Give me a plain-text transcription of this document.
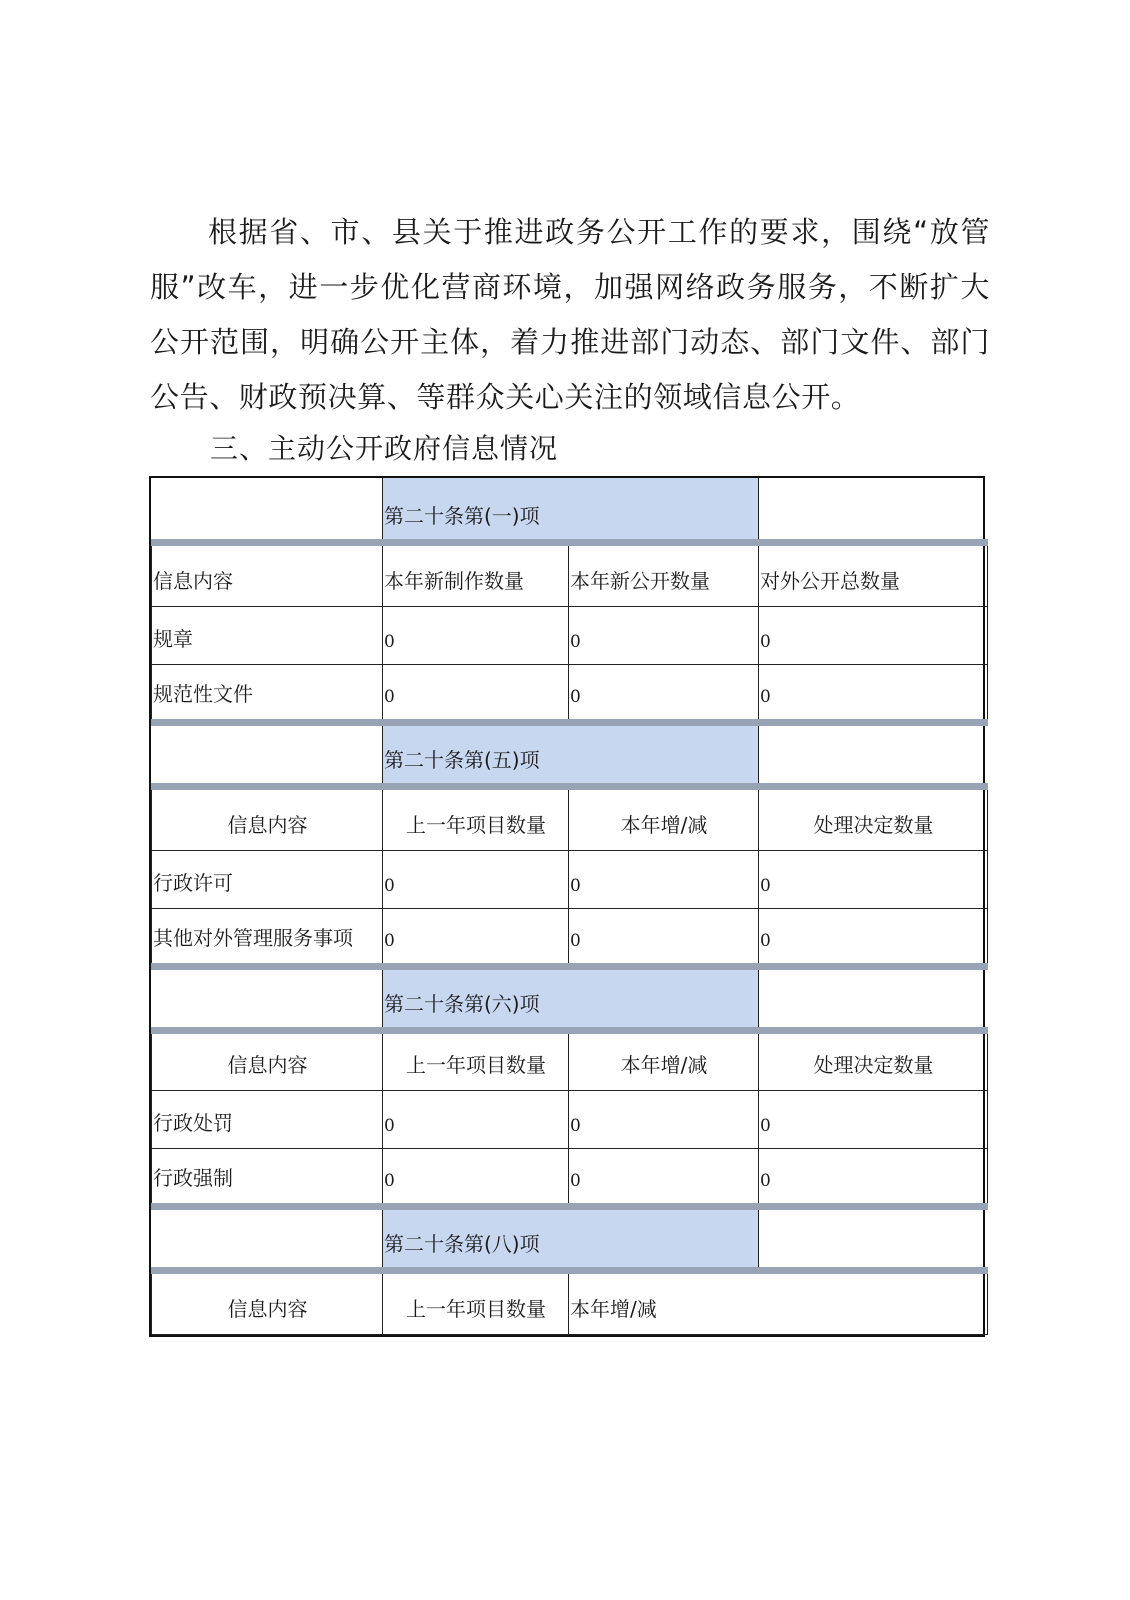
根据省、市、县关于推进政务公开工作的要求，围绕“放管服”改车，进一步优化营商环境，加强网络政务服务，不断扩大公开范围，明确公开主体，着力推进部门动态、部门文件、部门公告、财政预决算、等群众关心关注的领域信息公开。

三、主动公开政府信息情况

	第二十条第(一)项		

信息内容	本年新制作数量	本年新公开数量	对外公开总数量

规章	0	0	0

规范性文件	0	0	0

	第二十条第(五)项		

信息内容	上一年项目数量	本年增/减	处理决定数量

行政许可	0	0	0

其他对外管理服务事项	0	0	0

	第二十条第(六)项		

信息内容	上一年项目数量	本年增/减	处理决定数量

行政处罚	0	0	0

行政强制	0	0	0

	第二十条第(八)项		

信息内容	上一年项目数量	本年增/减	
